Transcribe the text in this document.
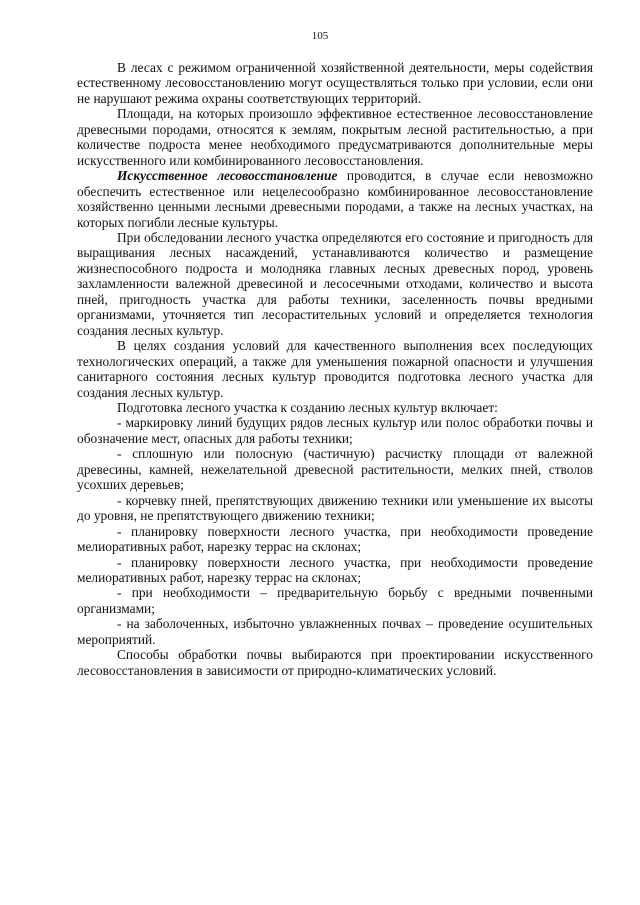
105

В лесах с режимом ограниченной хозяйственной деятельности, меры содействия естественному лесовосстановлению могут осуществляться только при условии, если они не нарушают режима охраны соответствующих территорий.

Площади, на которых произошло эффективное естественное лесовосстановление древесными породами, относятся к землям, покрытым лесной растительностью, а при количестве подроста менее необходимого предусматриваются дополнительные меры искусственного или комбинированного лесовосстановления.

Искусственное лесовосстановление проводится, в случае если невозможно обеспечить естественное или нецелесообразно комбинированное лесовосстановление хозяйственно ценными лесными древесными породами, а также на лесных участках, на которых погибли лесные культуры.

При обследовании лесного участка определяются его состояние и пригодность для выращивания лесных насаждений, устанавливаются количество и размещение жизнеспособного подроста и молодняка главных лесных древесных пород, уровень захламленности валежной древесиной и лесосечными отходами, количество и высота пней, пригодность участка для работы техники, заселенность почвы вредными организмами, уточняется тип лесорастительных условий и определяется технология создания лесных культур.

В целях создания условий для качественного выполнения всех последующих технологических операций, а также для уменьшения пожарной опасности и улучшения санитарного состояния лесных культур проводится подготовка леcного участка для создания лесных культур.

Подготовка лесного участка к созданию лесных культур включает:

- маркировку линий будущих рядов лесных культур или полос обработки почвы и обозначение мест, опасных для работы техники;

- сплошную или полосную (частичную) расчистку площади от валежной древесины, камней, нежелательной древесной растительности, мелких пней, стволов усохших деревьев;

- корчевку пней, препятствующих движению техники или уменьшение их высоты до уровня, не препятствующего движению техники;

- планировку поверхности лесного участка, при необходимости проведение мелиоративных работ, нарезку террас на склонах;

- планировку поверхности лесного участка, при необходимости проведение мелиоративных работ, нарезку террас на склонах;

- при необходимости – предварительную борьбу с вредными почвенными организмами;

- на заболоченных, избыточно увлажненных почвах – проведение осушительных мероприятий.

Способы обработки почвы выбираются при проектировании искусственного лесовосстановления в зависимости от природно-климатических условий.
